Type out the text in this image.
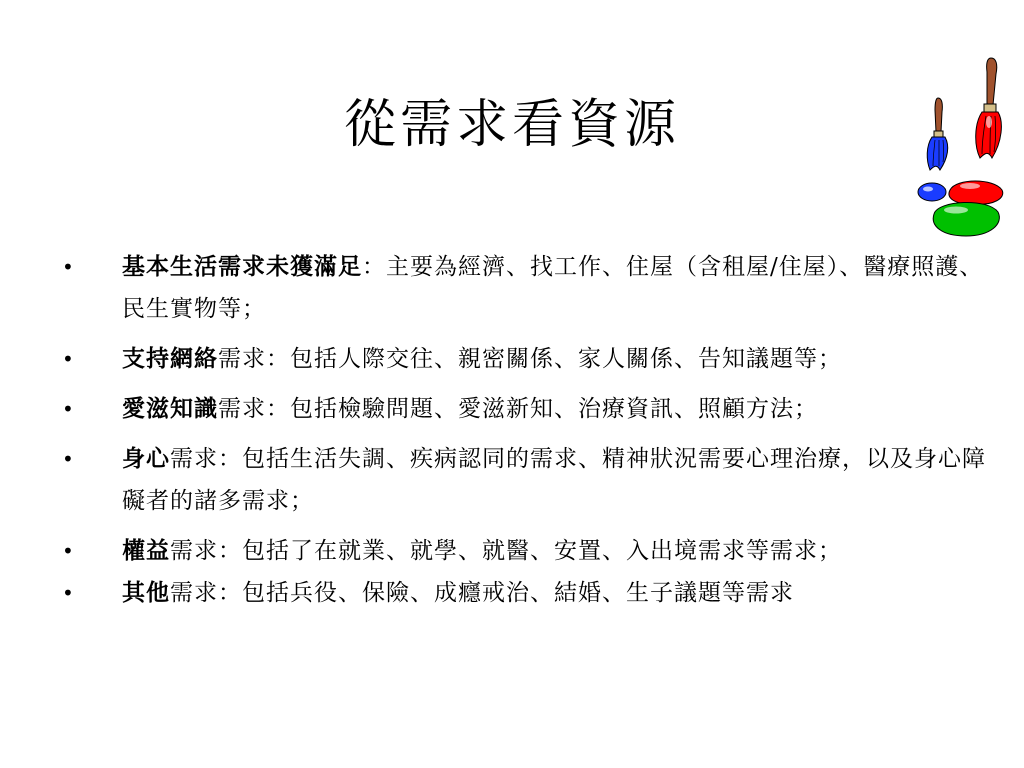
從需求看資源
• 基本生活需求未獲滿足：主要為經濟、找工作、住屋（含租屋/住屋）、醫療照護、民生實物等；
• 支持網絡需求：包括人際交往、親密關係、家人關係、告知議題等；
• 愛滋知識需求：包括檢驗問題、愛滋新知、治療資訊、照顧方法；
• 身心需求：包括生活失調、疾病認同的需求、精神狀況需要心理治療，以及身心障礙者的諸多需求；
• 權益需求：包括了在就業、就學、就醫、安置、入出境需求等需求；
• 其他需求：包括兵役、保險、成癮戒治、結婚、生子議題等需求
